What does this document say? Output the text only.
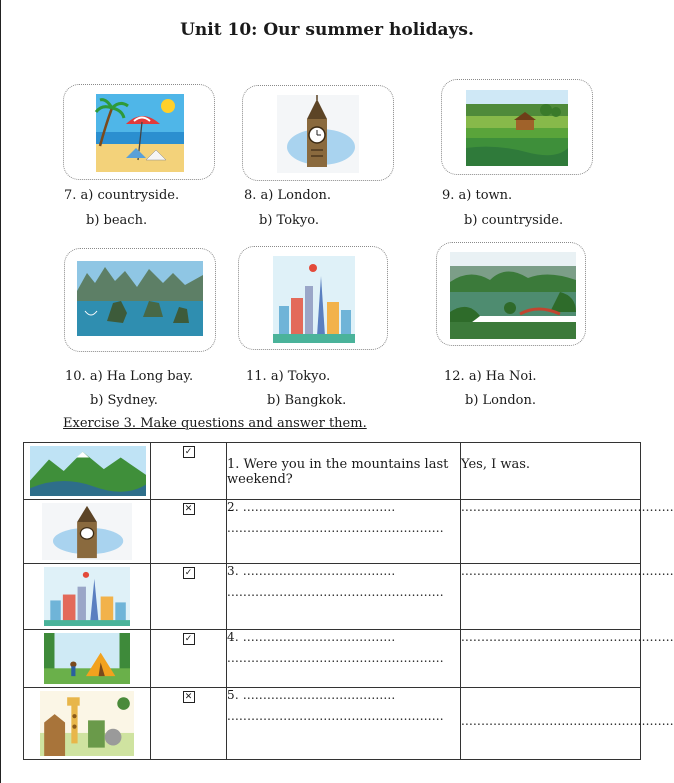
Unit 10: Our summer holidays.
7. a) countryside.
b) beach.
8. a) London.
b) Tokyo.
9. a) town.
b) countryside.
10. a) Ha Long bay.
b) Sydney.
11. a) Tokyo.
b) Bangkok.
12. a) Ha Noi.
b) London.
Exercise 3. Make questions and answer them.
	✓	1. Were you in the mountains last weekend?	Yes, I was.

	✕	2. ......................................
......................................................	.....................................................

	✓	3. ......................................
......................................................	.....................................................

	✓	4. ......................................
......................................................	.....................................................

	✕	5. ......................................
......................................................	.....................................................
